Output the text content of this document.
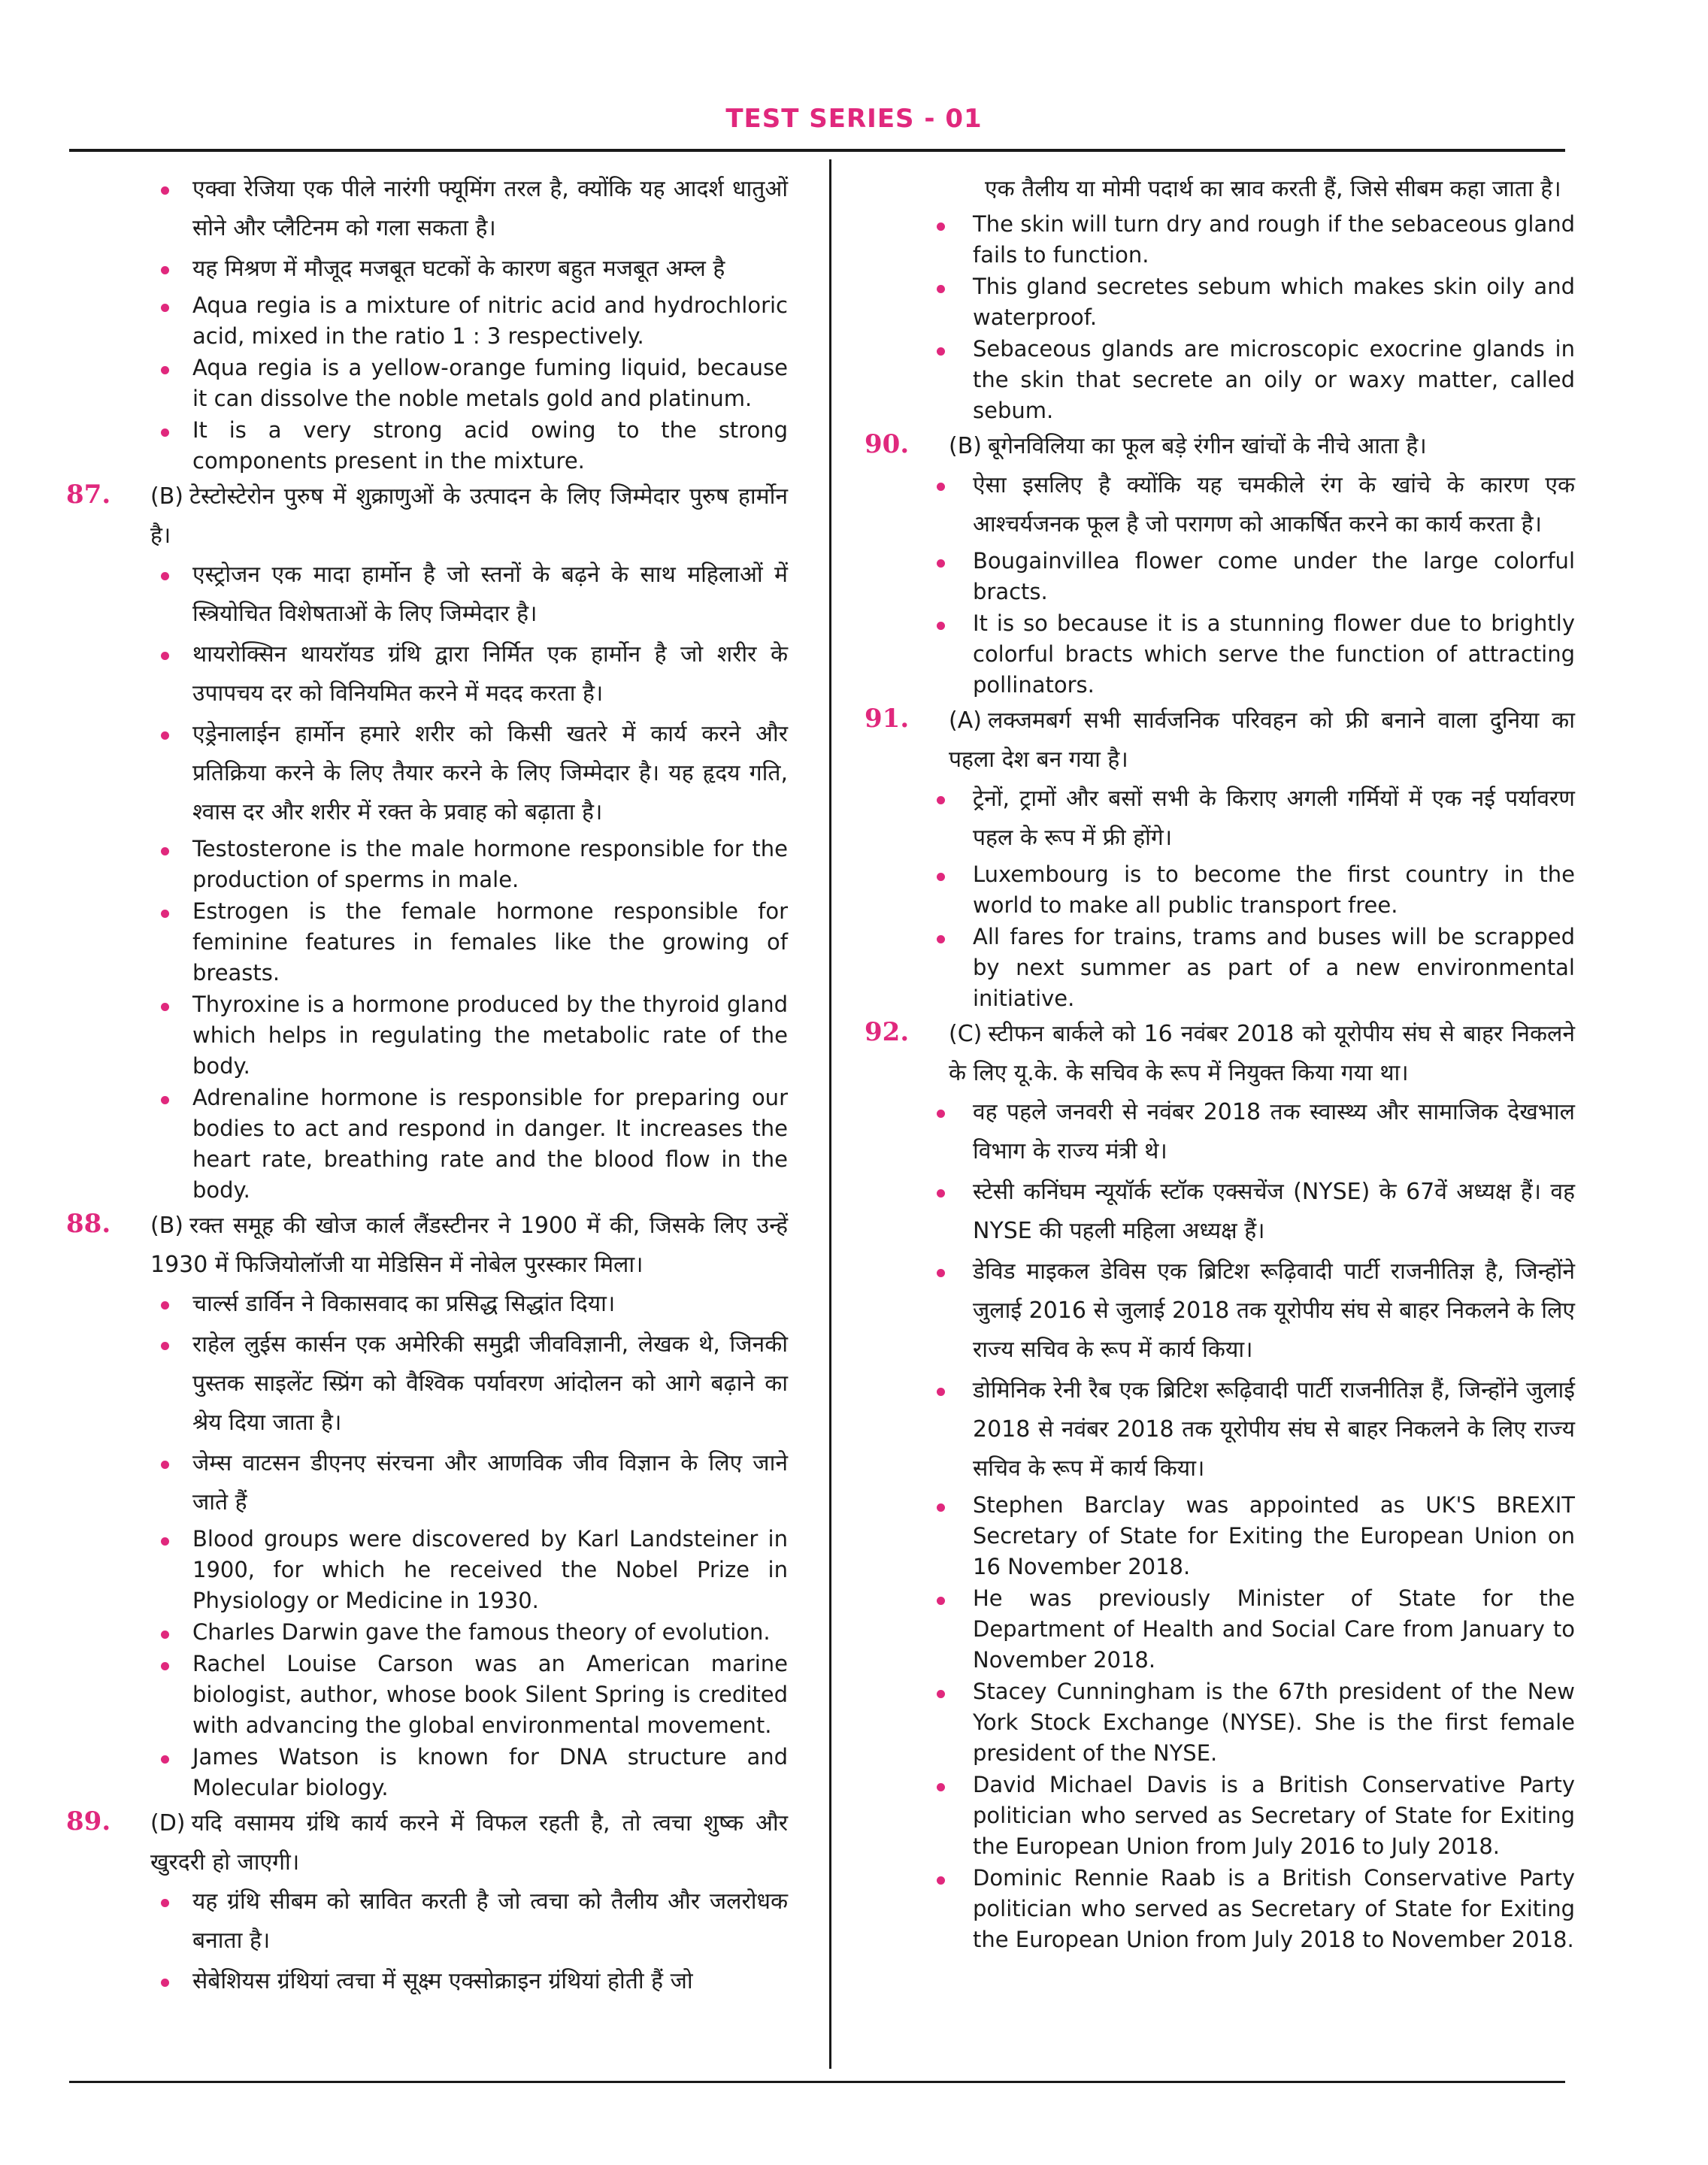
TEST SERIES - 01
एक्वा रेजिया एक पीले नारंगी फ्यूमिंग तरल है, क्योंकि यह आदर्श धातुओं सोने और प्लैटिनम को गला सकता है।
यह मिश्रण में मौजूद मजबूत घटकों के कारण बहुत मजबूत अम्ल है
Aqua regia is a mixture of nitric acid and hydrochloric acid, mixed in the ratio 1 : 3 respectively.
Aqua regia is a yellow-orange fuming liquid, because it can dissolve the noble metals gold and platinum.
It is a very strong acid owing to the strong components present in the mixture.
87. (B) टेस्टोस्टेरोन पुरुष में शुक्राणुओं के उत्पादन के लिए जिम्मेदार पुरुष हार्मोन है।
एस्ट्रोजन एक मादा हार्मोन है जो स्तनों के बढ़ने के साथ महिलाओं में स्त्रियोचित विशेषताओं के लिए जिम्मेदार है।
थायरोक्सिन थायरॉयड ग्रंथि द्वारा निर्मित एक हार्मोन है जो शरीर के उपापचय दर को विनियमित करने में मदद करता है।
एड्रेनालाईन हार्मोन हमारे शरीर को किसी खतरे में कार्य करने और प्रतिक्रिया करने के लिए तैयार करने के लिए जिम्मेदार है। यह हृदय गति, श्वास दर और शरीर में रक्त के प्रवाह को बढ़ाता है।
Testosterone is the male hormone responsible for the production of sperms in male.
Estrogen is the female hormone responsible for feminine features in females like the growing of breasts.
Thyroxine is a hormone produced by the thyroid gland which helps in regulating the metabolic rate of the body.
Adrenaline hormone is responsible for preparing our bodies to act and respond in danger. It increases the heart rate, breathing rate and the blood flow in the body.
88. (B) रक्त समूह की खोज कार्ल लैंडस्टीनर ने 1900 में की, जिसके लिए उन्हें 1930 में फिजियोलॉजी या मेडिसिन में नोबेल पुरस्कार मिला।
चार्ल्स डार्विन ने विकासवाद का प्रसिद्ध सिद्धांत दिया।
राहेल लुईस कार्सन एक अमेरिकी समुद्री जीवविज्ञानी, लेखक थे, जिनकी पुस्तक साइलेंट स्प्रिंग को वैश्विक पर्यावरण आंदोलन को आगे बढ़ाने का श्रेय दिया जाता है।
जेम्स वाटसन डीएनए संरचना और आणविक जीव विज्ञान के लिए जाने जाते हैं
Blood groups were discovered by Karl Landsteiner in 1900, for which he received the Nobel Prize in Physiology or Medicine in 1930.
Charles Darwin gave the famous theory of evolution.
Rachel Louise Carson was an American marine biologist, author, whose book Silent Spring is credited with advancing the global environmental movement.
James Watson is known for DNA structure and Molecular biology.
89. (D) यदि वसामय ग्रंथि कार्य करने में विफल रहती है, तो त्वचा शुष्क और खुरदरी हो जाएगी।
यह ग्रंथि सीबम को स्रावित करती है जो त्वचा को तैलीय और जलरोधक बनाता है।
सेबेशियस ग्रंथियां त्वचा में सूक्ष्म एक्सोक्राइन ग्रंथियां होती हैं जो
एक तैलीय या मोमी पदार्थ का स्राव करती हैं, जिसे सीबम कहा जाता है।
The skin will turn dry and rough if the sebaceous gland fails to function.
This gland secretes sebum which makes skin oily and waterproof.
Sebaceous glands are microscopic exocrine glands in the skin that secrete an oily or waxy matter, called sebum.
90. (B) बूगेनविलिया का फूल बड़े रंगीन खांचों के नीचे आता है।
ऐसा इसलिए है क्योंकि यह चमकीले रंग के खांचे के कारण एक आश्चर्यजनक फूल है जो परागण को आकर्षित करने का कार्य करता है।
Bougainvillea flower come under the large colorful bracts.
It is so because it is a stunning flower due to brightly colorful bracts which serve the function of attracting pollinators.
91. (A) लक्जमबर्ग सभी सार्वजनिक परिवहन को फ्री बनाने वाला दुनिया का पहला देश बन गया है।
ट्रेनों, ट्रामों और बसों सभी के किराए अगली गर्मियों में एक नई पर्यावरण पहल के रूप में फ्री होंगे।
Luxembourg is to become the first country in the world to make all public transport free.
All fares for trains, trams and buses will be scrapped by next summer as part of a new environmental initiative.
92. (C) स्टीफन बार्कले को 16 नवंबर 2018 को यूरोपीय संघ से बाहर निकलने के लिए यू.के. के सचिव के रूप में नियुक्त किया गया था।
वह पहले जनवरी से नवंबर 2018 तक स्वास्थ्य और सामाजिक देखभाल विभाग के राज्य मंत्री थे।
स्टेसी कनिंघम न्यूयॉर्क स्टॉक एक्सचेंज (NYSE) के 67वें अध्यक्ष हैं। वह NYSE की पहली महिला अध्यक्ष हैं।
डेविड माइकल डेविस एक ब्रिटिश रूढ़िवादी पार्टी राजनीतिज्ञ है, जिन्होंने जुलाई 2016 से जुलाई 2018 तक यूरोपीय संघ से बाहर निकलने के लिए राज्य सचिव के रूप में कार्य किया।
डोमिनिक रेनी रैब एक ब्रिटिश रूढ़िवादी पार्टी राजनीतिज्ञ हैं, जिन्होंने जुलाई 2018 से नवंबर 2018 तक यूरोपीय संघ से बाहर निकलने के लिए राज्य सचिव के रूप में कार्य किया।
Stephen Barclay was appointed as UK'S BREXIT Secretary of State for Exiting the European Union on 16 November 2018.
He was previously Minister of State for the Department of Health and Social Care from January to November 2018.
Stacey Cunningham is the 67th president of the New York Stock Exchange (NYSE). She is the first female president of the NYSE.
David Michael Davis is a British Conservative Party politician who served as Secretary of State for Exiting the European Union from July 2016 to July 2018.
Dominic Rennie Raab is a British Conservative Party politician who served as Secretary of State for Exiting the European Union from July 2018 to November 2018.
